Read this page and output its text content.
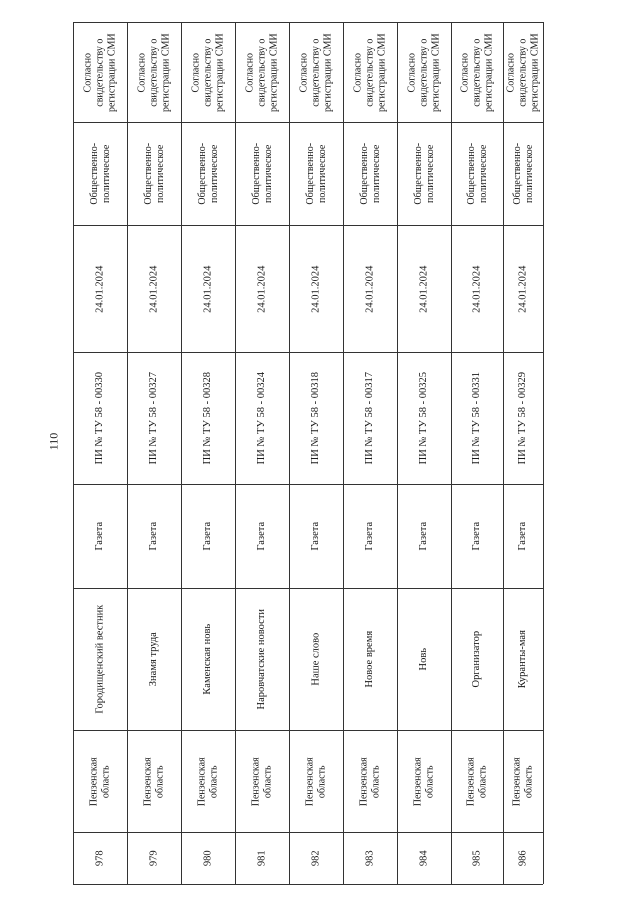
110
Согласно
свидетельству о
регистрации СМИ
Общественно-
политическое
24.01.2024
ПИ № ТУ 58 - 00330
Газета
Городищенский вестник
Пензенская
область
978
Согласно
свидетельству о
регистрации СМИ
Общественно-
политическое
24.01.2024
ПИ № ТУ 58 - 00327
Газета
Знамя труда
Пензенская
область
979
Согласно
свидетельству о
регистрации СМИ
Общественно-
политическое
24.01.2024
ПИ № ТУ 58 - 00328
Газета
Каменская новь
Пензенская
область
980
Согласно
свидетельству о
регистрации СМИ
Общественно-
политическое
24.01.2024
ПИ № ТУ 58 - 00324
Газета
Наровчатские новости
Пензенская
область
981
Согласно
свидетельству о
регистрации СМИ
Общественно-
политическое
24.01.2024
ПИ № ТУ 58 - 00318
Газета
Наше слово
Пензенская
область
982
Согласно
свидетельству о
регистрации СМИ
Общественно-
политическое
24.01.2024
ПИ № ТУ 58 - 00317
Газета
Новое время
Пензенская
область
983
Согласно
свидетельству о
регистрации СМИ
Общественно-
политическое
24.01.2024
ПИ № ТУ 58 - 00325
Газета
Новь
Пензенская
область
984
Согласно
свидетельству о
регистрации СМИ
Общественно-
политическое
24.01.2024
ПИ № ТУ 58 - 00331
Газета
Организатор
Пензенская
область
985
Согласно
свидетельству о
регистрации СМИ
Общественно-
политическое
24.01.2024
ПИ № ТУ 58 - 00329
Газета
Куранты-мая
Пензенская
область
986
